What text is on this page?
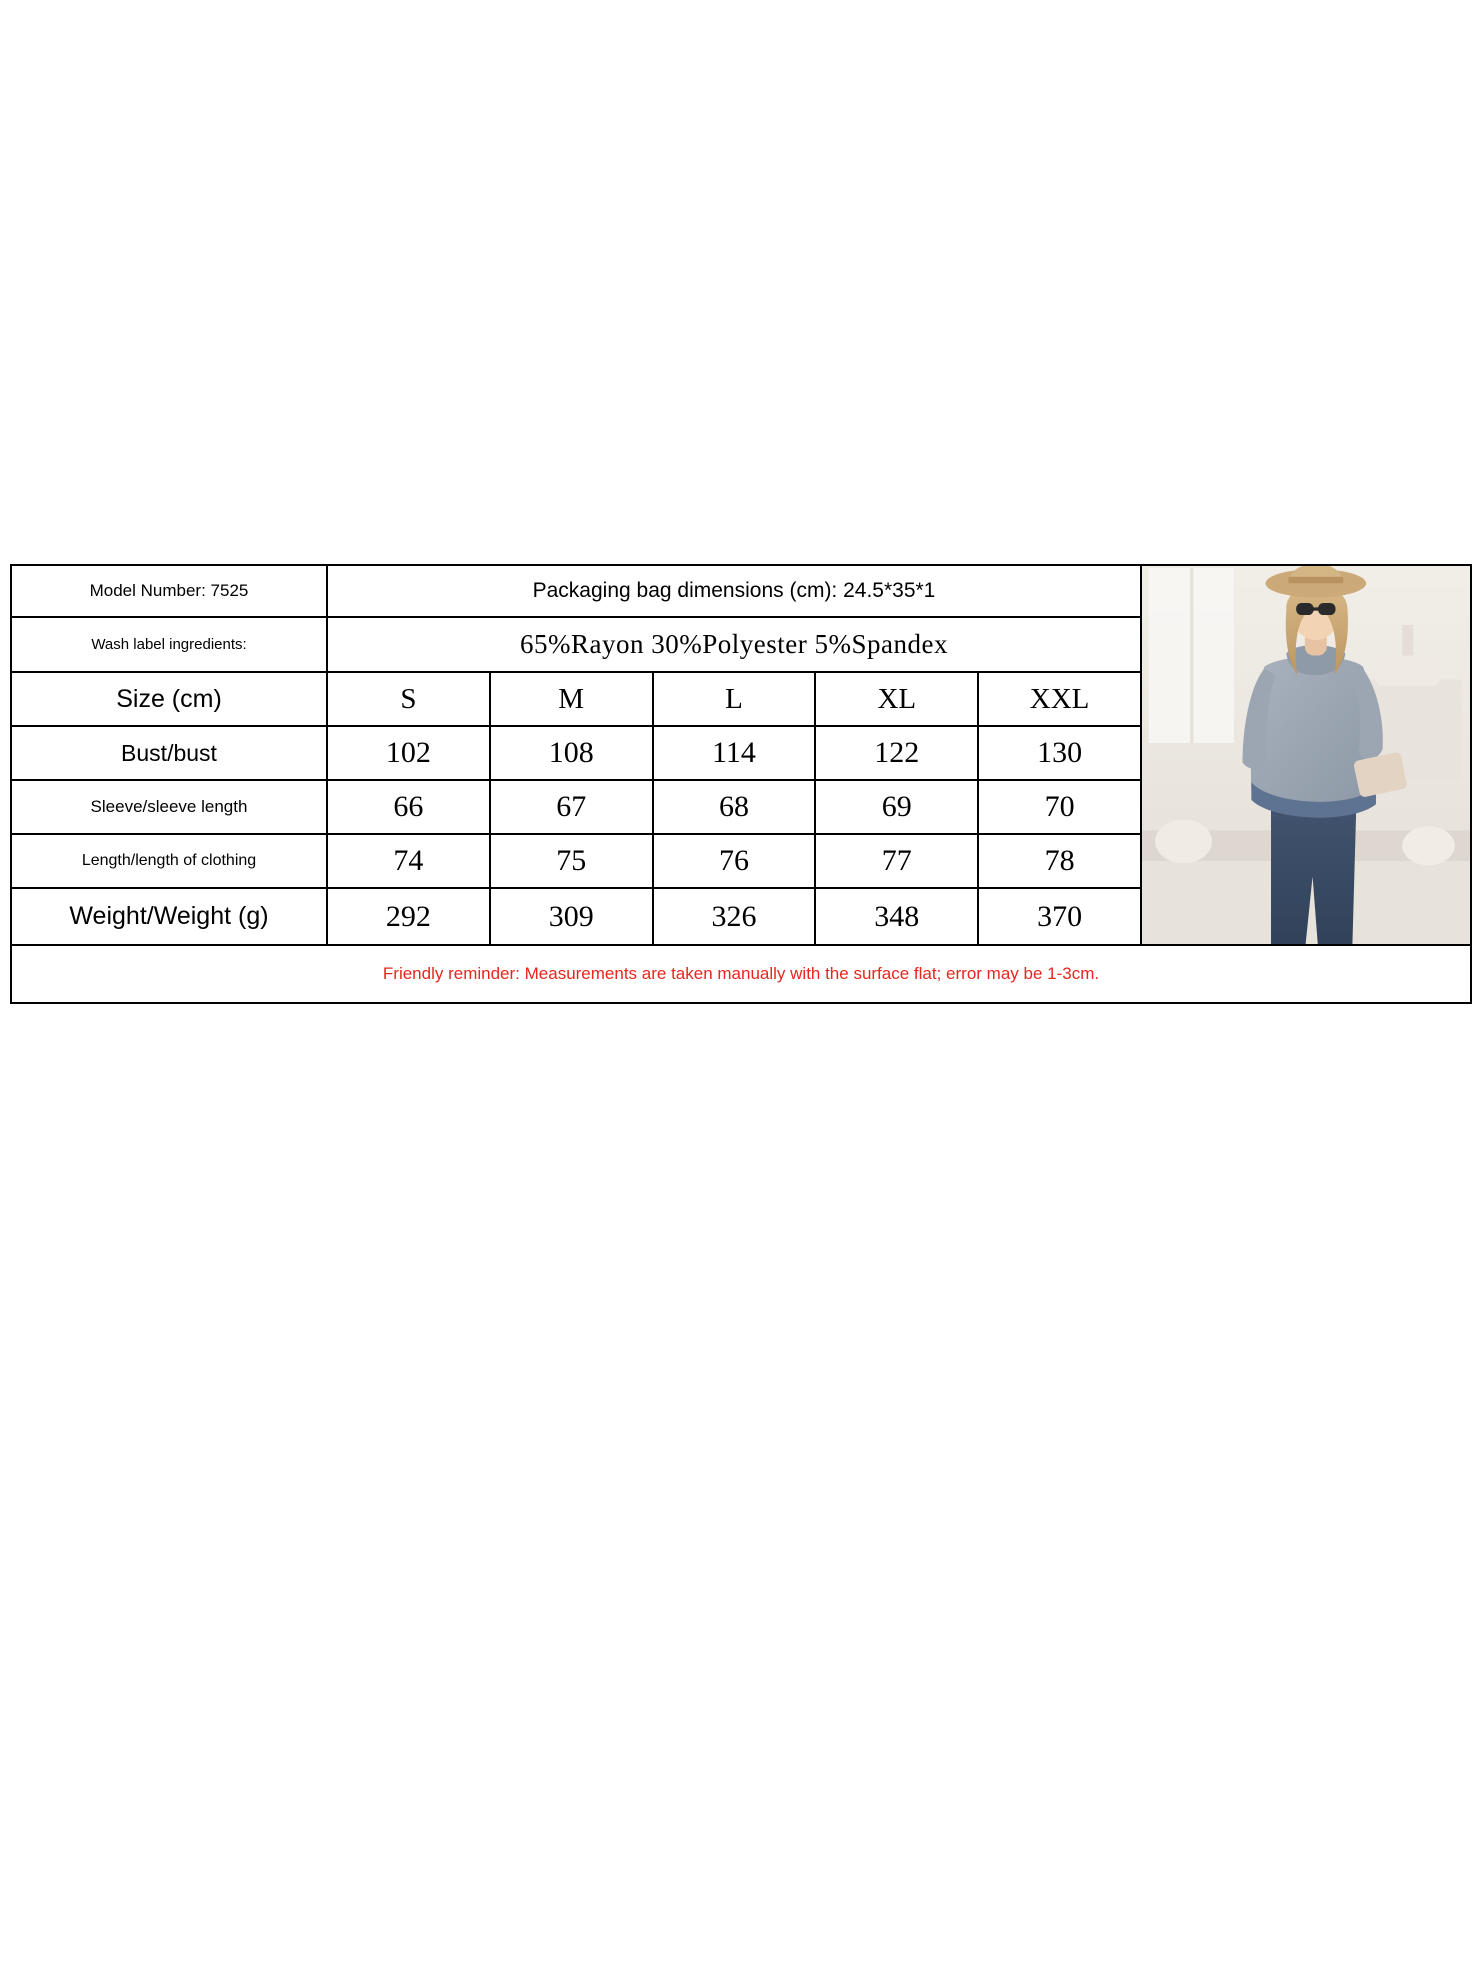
Model Number: 7525	Packaging bag dimensions (cm): 24.5*35*1
Wash label ingredients:	65%Rayon 30%Polyester 5%Spandex
Size (cm)	S	M	L	XL	XXL
Bust/bust	102	108	114	122	130
Sleeve/sleeve length	66	67	68	69	70
Length/length of clothing	74	75	76	77	78
Weight/Weight (g)	292	309	326	348	370
Friendly reminder: Measurements are taken manually with the surface flat; error may be 1-3cm.
